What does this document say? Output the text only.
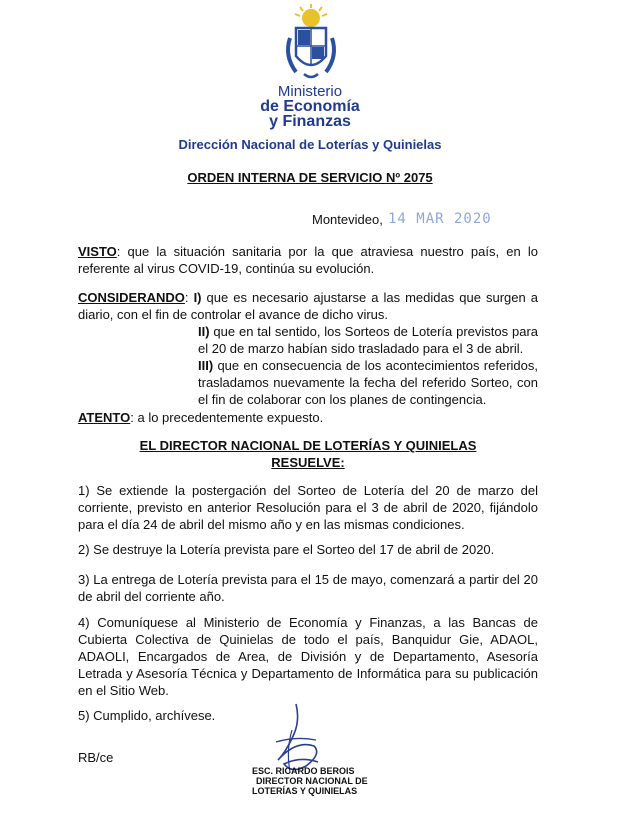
Ministerio
de Economía
y Finanzas
Dirección Nacional de Loterías y Quinielas
ORDEN INTERNA DE SERVICIO Nº 2075
Montevideo, 14 MAR 2020
VISTO: que la situación sanitaria por la que atraviesa nuestro país, en lo referente al virus COVID-19, continúa su evolución.
CONSIDERANDO: I) que es necesario ajustarse a las medidas que surgen a diario, con el fin de controlar el avance de dicho virus.
II) que en tal sentido, los Sorteos de Lotería previstos para el 20 de marzo habían sido trasladado para el 3 de abril.
III) que en consecuencia de los acontecimientos referidos, trasladamos nuevamente la fecha del referido Sorteo, con el fin de colaborar con los planes de contingencia.
ATENTO: a lo precedentemente expuesto.
EL DIRECTOR NACIONAL DE LOTERÍAS Y QUINIELAS
RESUELVE:
1) Se extiende la postergación del Sorteo de Lotería del 20 de marzo del corriente, previsto en anterior Resolución para el 3 de abril de 2020, fijándolo para el día 24 de abril del mismo año y en las mismas condiciones.
2) Se destruye la Lotería prevista pare el Sorteo del 17 de abril de 2020.
3) La entrega de Lotería prevista para el 15 de mayo, comenzará a partir del 20 de abril del corriente año.
4) Comuníquese al Ministerio de Economía y Finanzas, a las Bancas de Cubierta Colectiva de Quinielas de todo el país, Banquidur Gie, ADAOL, ADAOLI, Encargados de Area, de División y de Departamento, Asesoría Letrada y Asesoría Técnica y Departamento de Informática para su publicación en el Sitio Web.
5) Cumplido, archívese.
RB/ce
ESC. RICARDO BEROIS
DIRECTOR NACIONAL DE
LOTERÍAS Y QUINIELAS
